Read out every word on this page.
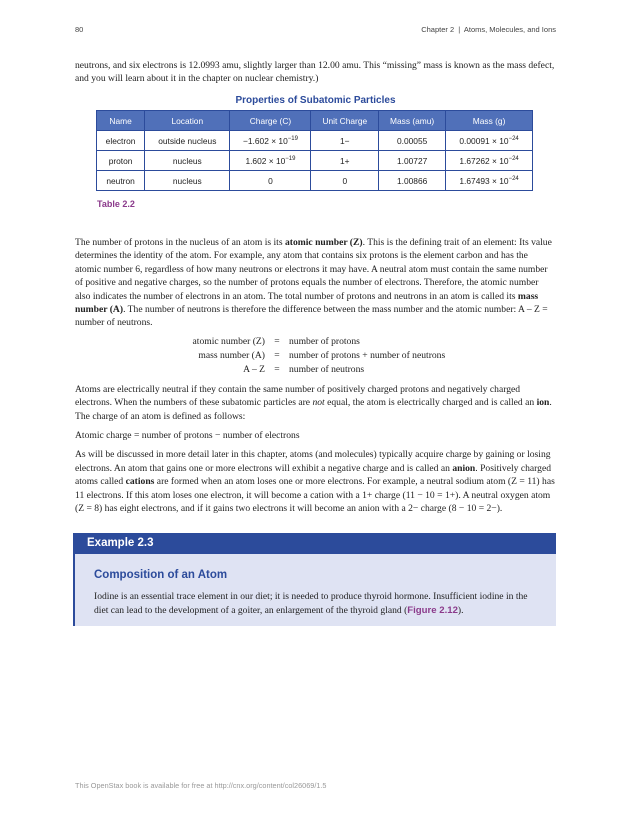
80	Chapter 2 | Atoms, Molecules, and Ions

neutrons, and six electrons is 12.0993 amu, slightly larger than 12.00 amu. This “missing” mass is known as the mass defect, and you will learn about it in the chapter on nuclear chemistry.)

Properties of Subatomic Particles
Name	Location	Charge (C)	Unit Charge	Mass (amu)	Mass (g)
electron	outside nucleus	$-1.602 \times 10^{-19}$	1−	0.00055	$0.00091 \times 10^{-24}$
proton	nucleus	$1.602 \times 10^{-19}$	1+	1.00727	$1.67262 \times 10^{-24}$
neutron	nucleus	0	0	1.00866	$1.67493 \times 10^{-24}$
Table 2.2

The number of protons in the nucleus of an atom is its atomic number (Z). This is the defining trait of an element: Its value determines the identity of the atom. For example, any atom that contains six protons is the element carbon and has the atomic number 6, regardless of how many neutrons or electrons it may have. A neutral atom must contain the same number of positive and negative charges, so the number of protons equals the number of electrons. Therefore, the atomic number also indicates the number of electrons in an atom. The total number of protons and neutrons in an atom is called its mass number (A). The number of neutrons is therefore the difference between the mass number and the atomic number: A – Z = number of neutrons.

atomic number (Z) = number of protons
mass number (A) = number of protons + number of neutrons
A – Z = number of neutrons

Atoms are electrically neutral if they contain the same number of positively charged protons and negatively charged electrons. When the numbers of these subatomic particles are not equal, the atom is electrically charged and is called an ion. The charge of an atom is defined as follows:

Atomic charge = number of protons − number of electrons

As will be discussed in more detail later in this chapter, atoms (and molecules) typically acquire charge by gaining or losing electrons. An atom that gains one or more electrons will exhibit a negative charge and is called an anion. Positively charged atoms called cations are formed when an atom loses one or more electrons. For example, a neutral sodium atom (Z = 11) has 11 electrons. If this atom loses one electron, it will become a cation with a 1+ charge (11 − 10 = 1+). A neutral oxygen atom (Z = 8) has eight electrons, and if it gains two electrons it will become an anion with a 2− charge (8 − 10 = 2−).

Example 2.3
Composition of an Atom
Iodine is an essential trace element in our diet; it is needed to produce thyroid hormone. Insufficient iodine in the diet can lead to the development of a goiter, an enlargement of the thyroid gland (Figure 2.12).
This OpenStax book is available for free at http://cnx.org/content/col26069/1.5
